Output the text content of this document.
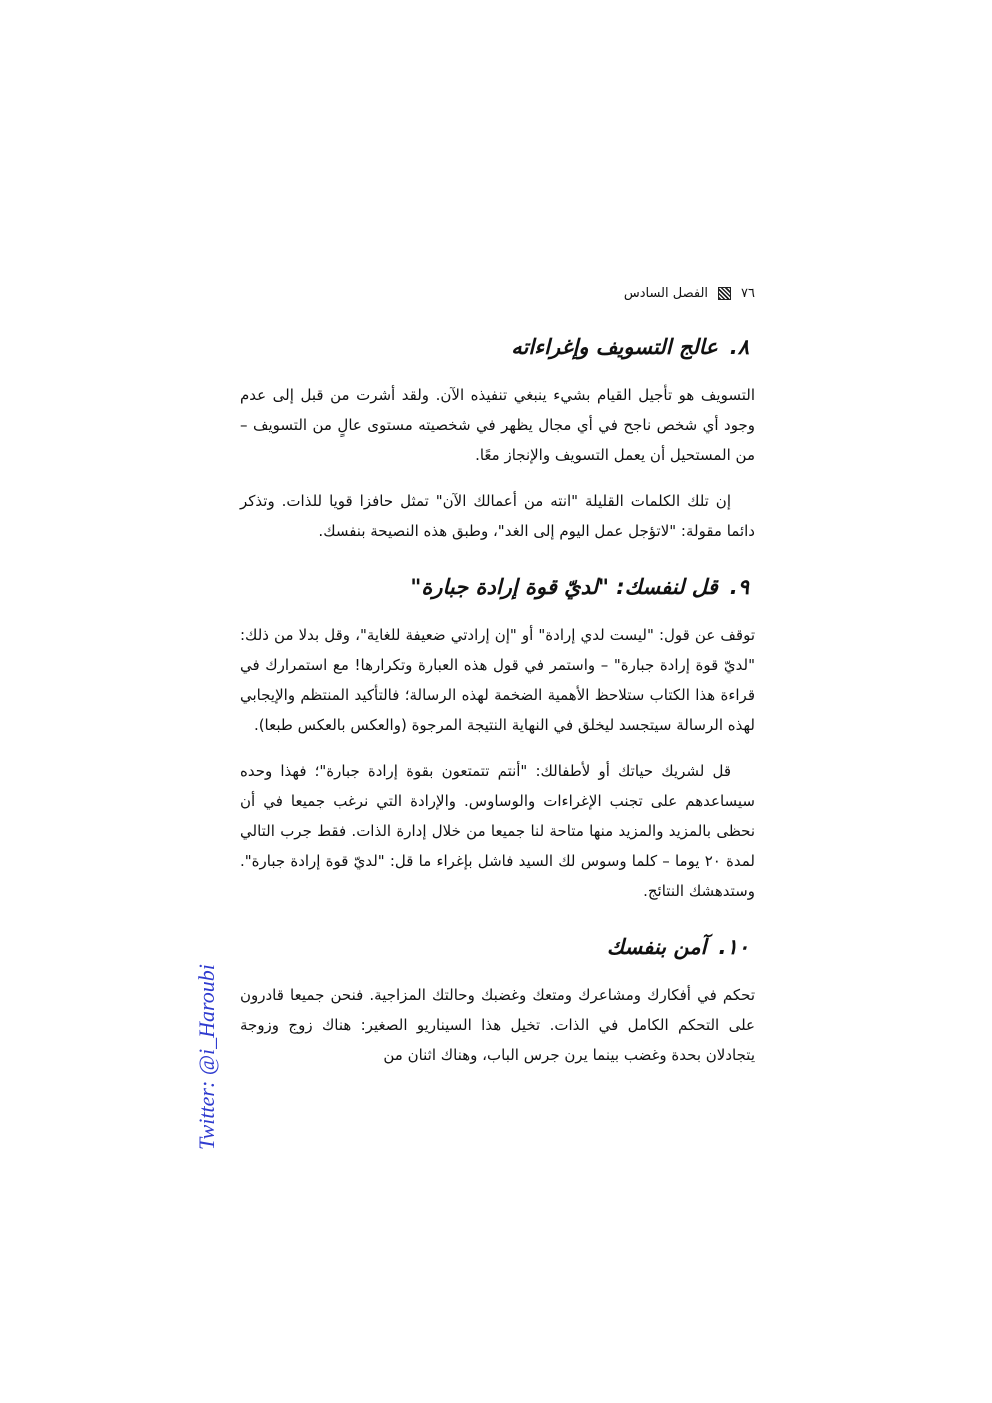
٧٦
الفصل السادس
٨.عالج التسويف وإغراءاته

التسويف هو تأجيل القيام بشيء ينبغي تنفيذه الآن. ولقد أشرت من قبل إلى عدم وجود أي شخص ناجح في أي مجال يظهر في شخصيته مستوى عالٍ من التسويف – من المستحيل أن يعمل التسويف والإنجاز معًا.

إن تلك الكلمات القليلة "انته من أعمالك الآن" تمثل حافزا قويا للذات. وتذكر دائما مقولة: "لاتؤجل عمل اليوم إلى الغد"، وطبق هذه النصيحة بنفسك.

٩.قل لنفسك: "لديّ قوة إرادة جبارة"

توقف عن قول: "ليست لدي إرادة" أو "إن إرادتي ضعيفة للغاية"، وقل بدلا من ذلك: "لديّ قوة إرادة جبارة" – واستمر في قول هذه العبارة وتكرارها! مع استمرارك في قراءة هذا الكتاب ستلاحظ الأهمية الضخمة لهذه الرسالة؛ فالتأكيد المنتظم والإيجابي لهذه الرسالة سيتجسد ليخلق في النهاية النتيجة المرجوة (والعكس بالعكس طبعا).

قل لشريك حياتك أو لأطفالك: "أنتم تتمتعون بقوة إرادة جبارة"؛ فهذا وحده سيساعدهم على تجنب الإغراءات والوساوس. والإرادة التي نرغب جميعا في أن نحظى بالمزيد والمزيد منها متاحة لنا جميعا من خلال إدارة الذات. فقط جرب التالي لمدة ٢٠ يوما – كلما وسوس لك السيد فاشل بإغراء ما قل: "لديّ قوة إرادة جبارة". وستدهشك النتائج.

١٠.آمن بنفسك

تحكم في أفكارك ومشاعرك ومتعك وغضبك وحالتك المزاجية. فنحن جميعا قادرون على التحكم الكامل في الذات. تخيل هذا السيناريو الصغير: هناك زوج وزوجة يتجادلان بحدة وغضب بينما يرن جرس الباب، وهناك اثنان من

Twitter: @i_Haroubi
